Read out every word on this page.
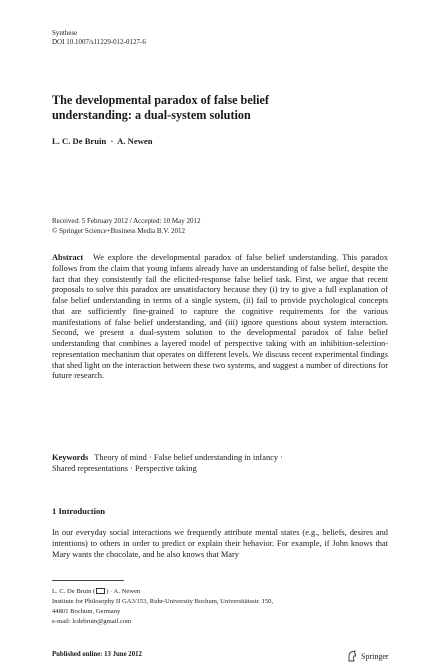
Synthese
DOI 10.1007/s11229-012-0127-6
The developmental paradox of false belief
understanding: a dual-system solution
L. C. De Bruin  ·  A. Newen
Received: 5 February 2012 / Accepted: 10 May 2012
© Springer Science+Business Media B.V. 2012
Abstract We explore the developmental paradox of false belief understanding. This paradox follows from the claim that young infants already have an understanding of false belief, despite the fact that they consistently fail the elicited-response false belief task. First, we argue that recent proposals to solve this paradox are unsatisfactory because they (i) try to give a full explanation of false belief understanding in terms of a single system, (ii) fail to provide psychological concepts that are sufficiently fine-grained to capture the cognitive requirements for the various manifestations of false belief understanding, and (iii) ignore questions about system interaction. Second, we present a dual-system solution to the developmental paradox of false belief understanding that combines a layered model of perspective taking with an inhibition-selection-representation mechanism that operates on different levels. We discuss recent experimental findings that shed light on the interaction between these two systems, and suggest a number of directions for future research.
Keywords Theory of mind · False belief understanding in infancy ·
Shared representations · Perspective taking
1 Introduction
In our everyday social interactions we frequently attribute mental states (e.g., beliefs, desires and intentions) to others in order to predict or explain their behavior. For example, if John knows that Mary wants the chocolate, and he also knows that Mary
L. C. De Bruin ( ) · A. Newen
Institute for Philosophy II GA3/153, Ruhr-University Bochum, Universitätsstr. 150,
44801 Bochum, Germany
e-mail: lcdebruin@gmail.com
Published online: 13 June 2012	Springer
